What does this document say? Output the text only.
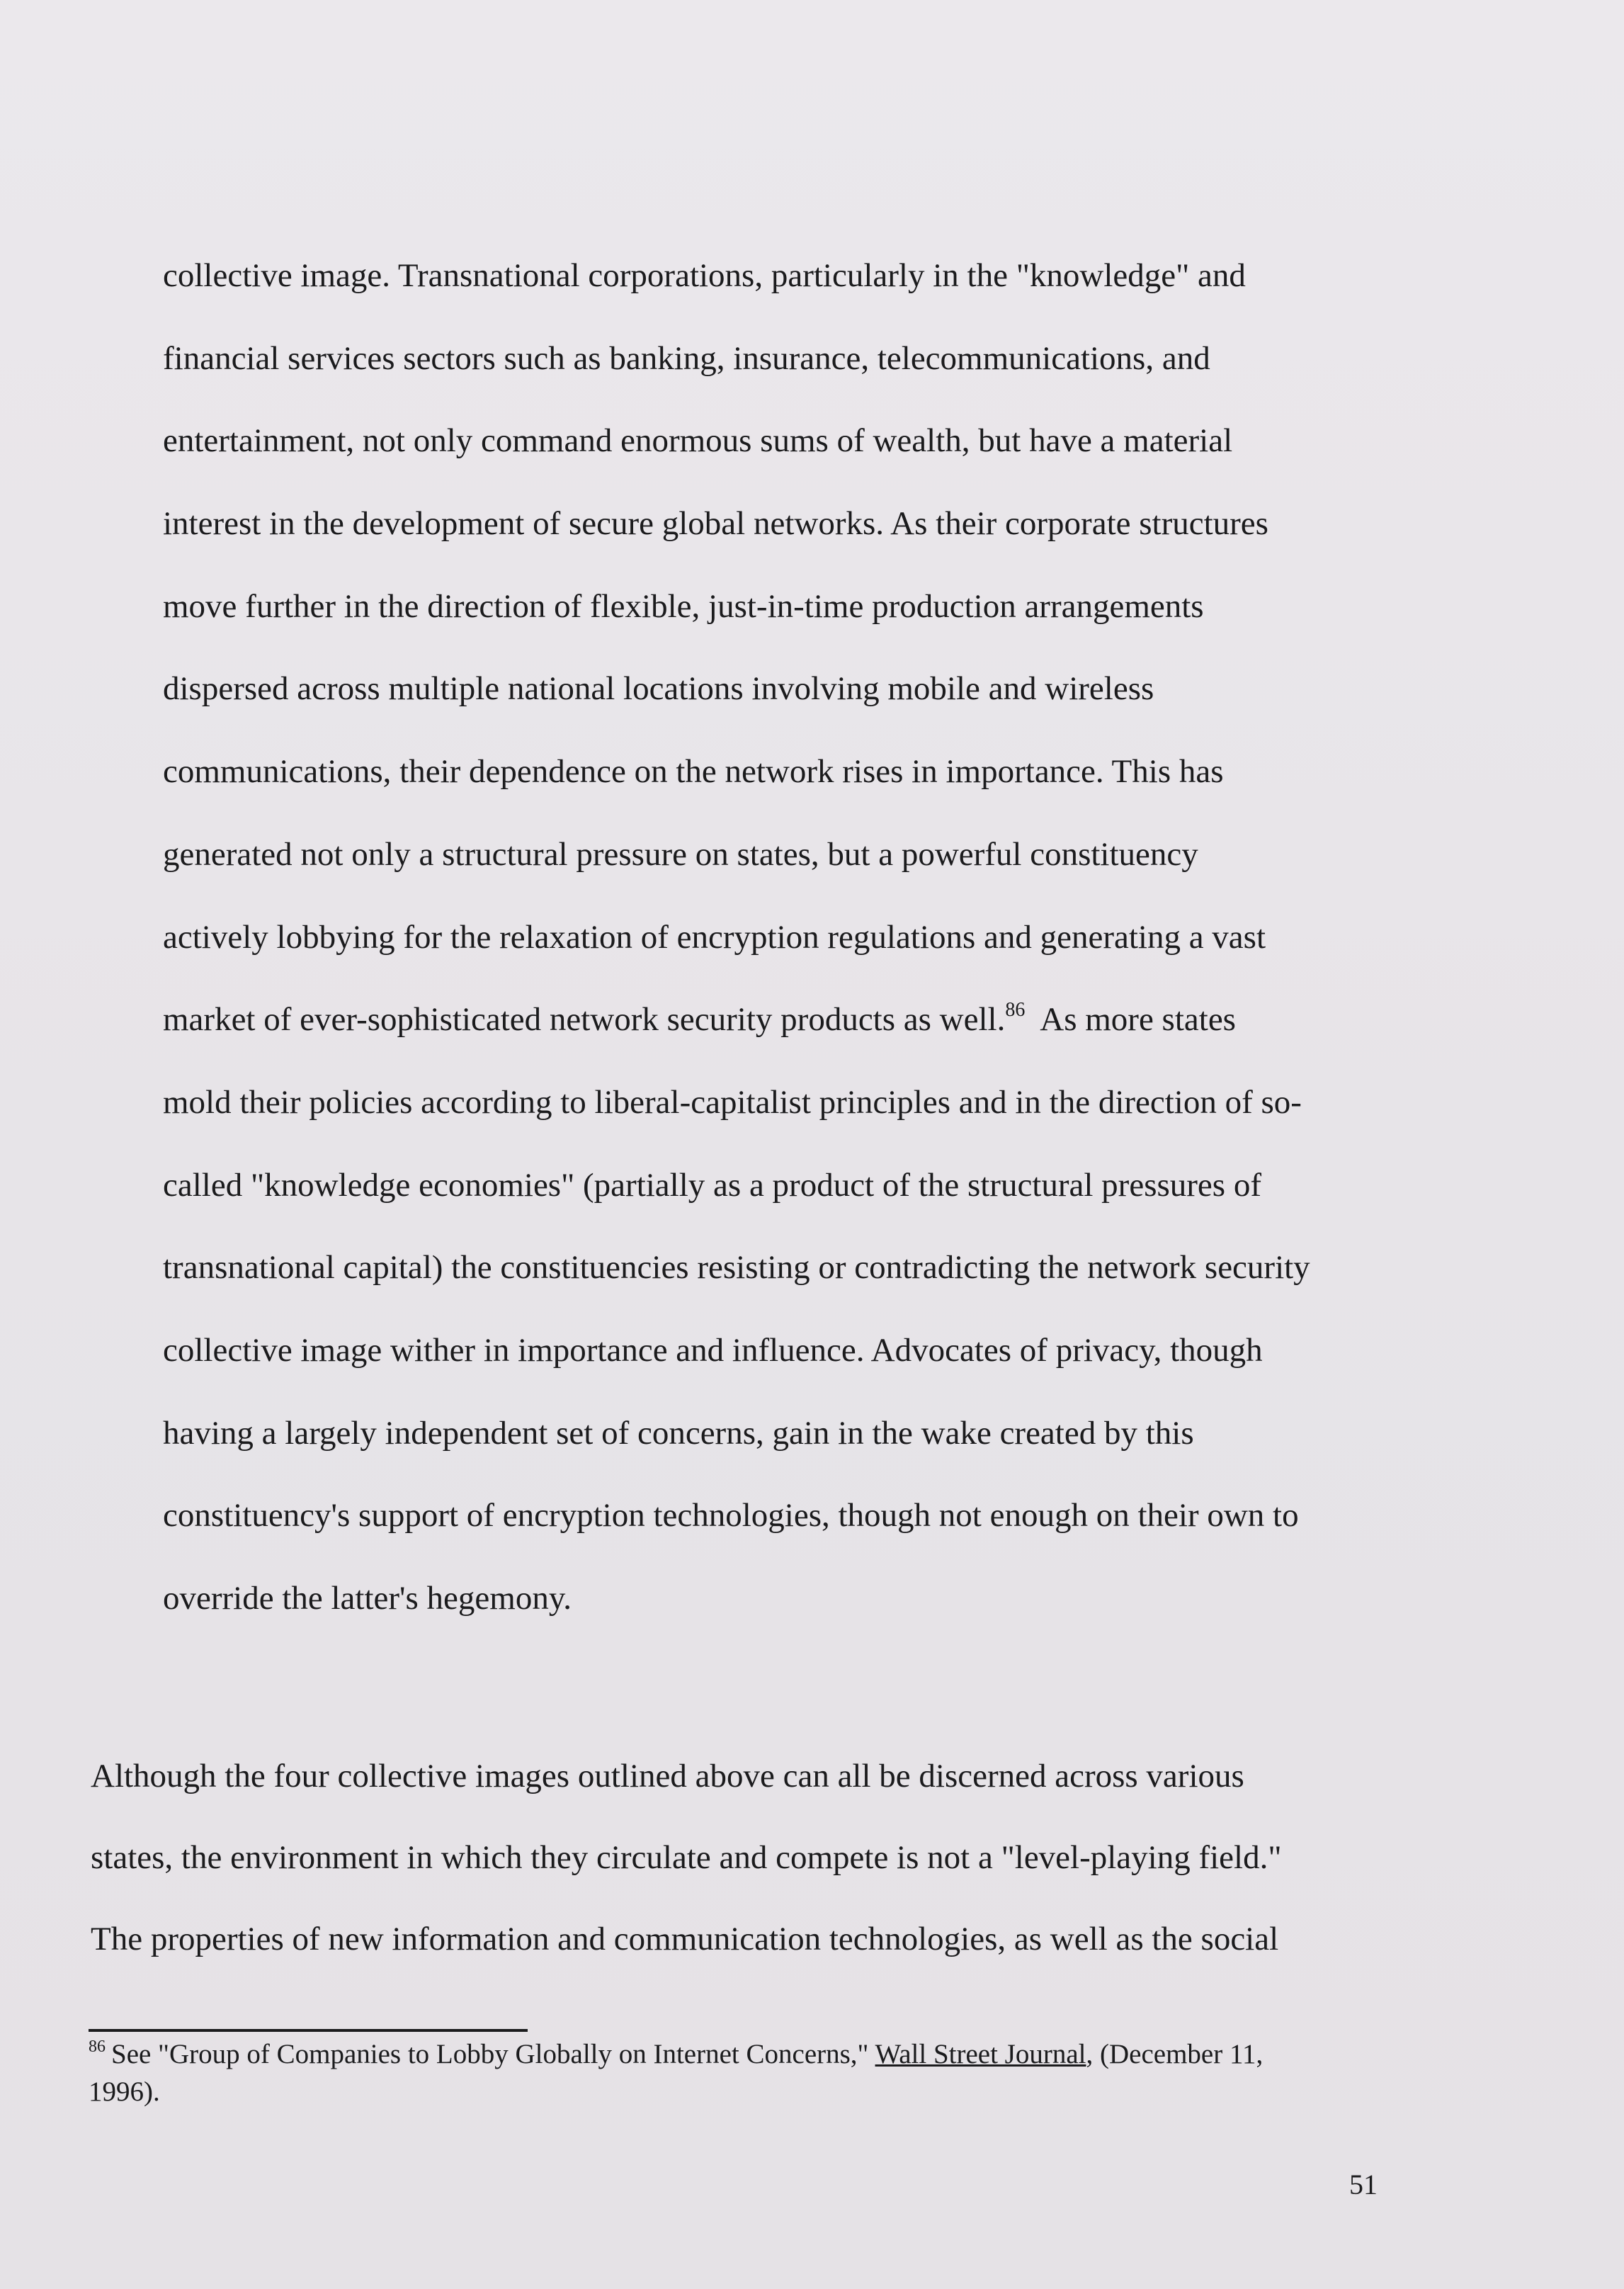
collective image. Transnational corporations, particularly in the "knowledge" and
financial services sectors such as banking, insurance, telecommunications, and
entertainment, not only command enormous sums of wealth, but have a material
interest in the development of secure global networks. As their corporate structures
move further in the direction of flexible, just-in-time production arrangements
dispersed across multiple national locations involving mobile and wireless
communications, their dependence on the network rises in importance. This has
generated not only a structural pressure on states, but a powerful constituency
actively lobbying for the relaxation of encryption regulations and generating a vast
market of ever-sophisticated network security products as well.$^{86}$  As more states
mold their policies according to liberal-capitalist principles and in the direction of so-
called "knowledge economies" (partially as a product of the structural pressures of
transnational capital) the constituencies resisting or contradicting the network security
collective image wither in importance and influence. Advocates of privacy, though
having a largely independent set of concerns, gain in the wake created by this
constituency's support of encryption technologies, though not enough on their own to
override the latter's hegemony.
Although the four collective images outlined above can all be discerned across various
states, the environment in which they circulate and compete is not a "level-playing field."
The properties of new information and communication technologies, as well as the social
$^{86}$ See "Group of Companies to Lobby Globally on Internet Concerns," Wall Street Journal, (December 11,
1996).
51
